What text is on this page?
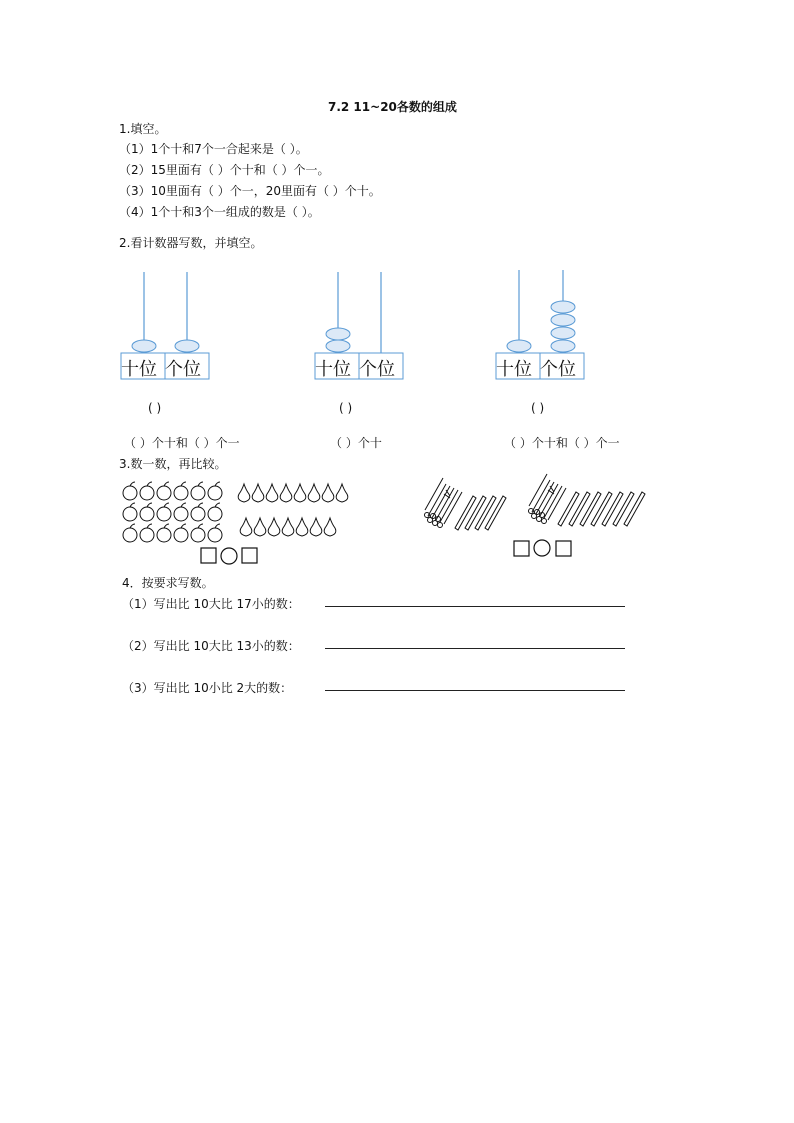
7.2 11~20各数的组成
1.填空。
（1）1个十和7个一合起来是（ ）。
（2）15里面有（ ）个十和（ ）个一。
（3）10里面有（ ）个一，20里面有（ ）个十。
（4）1个十和3个一组成的数是（ ）。
2.看计数器写数，并填空。
十位 个位	十位 个位	十位 个位
( )	( )	( )
（ ）个十和（ ）个一	（ ）个十	（ ）个十和（ ）个一
3.数一数，再比较。
4．按要求写数。
（1）写出比 10大比 17小的数：
（2）写出比 10大比 13小的数：
（3）写出比 10小比 2大的数：
